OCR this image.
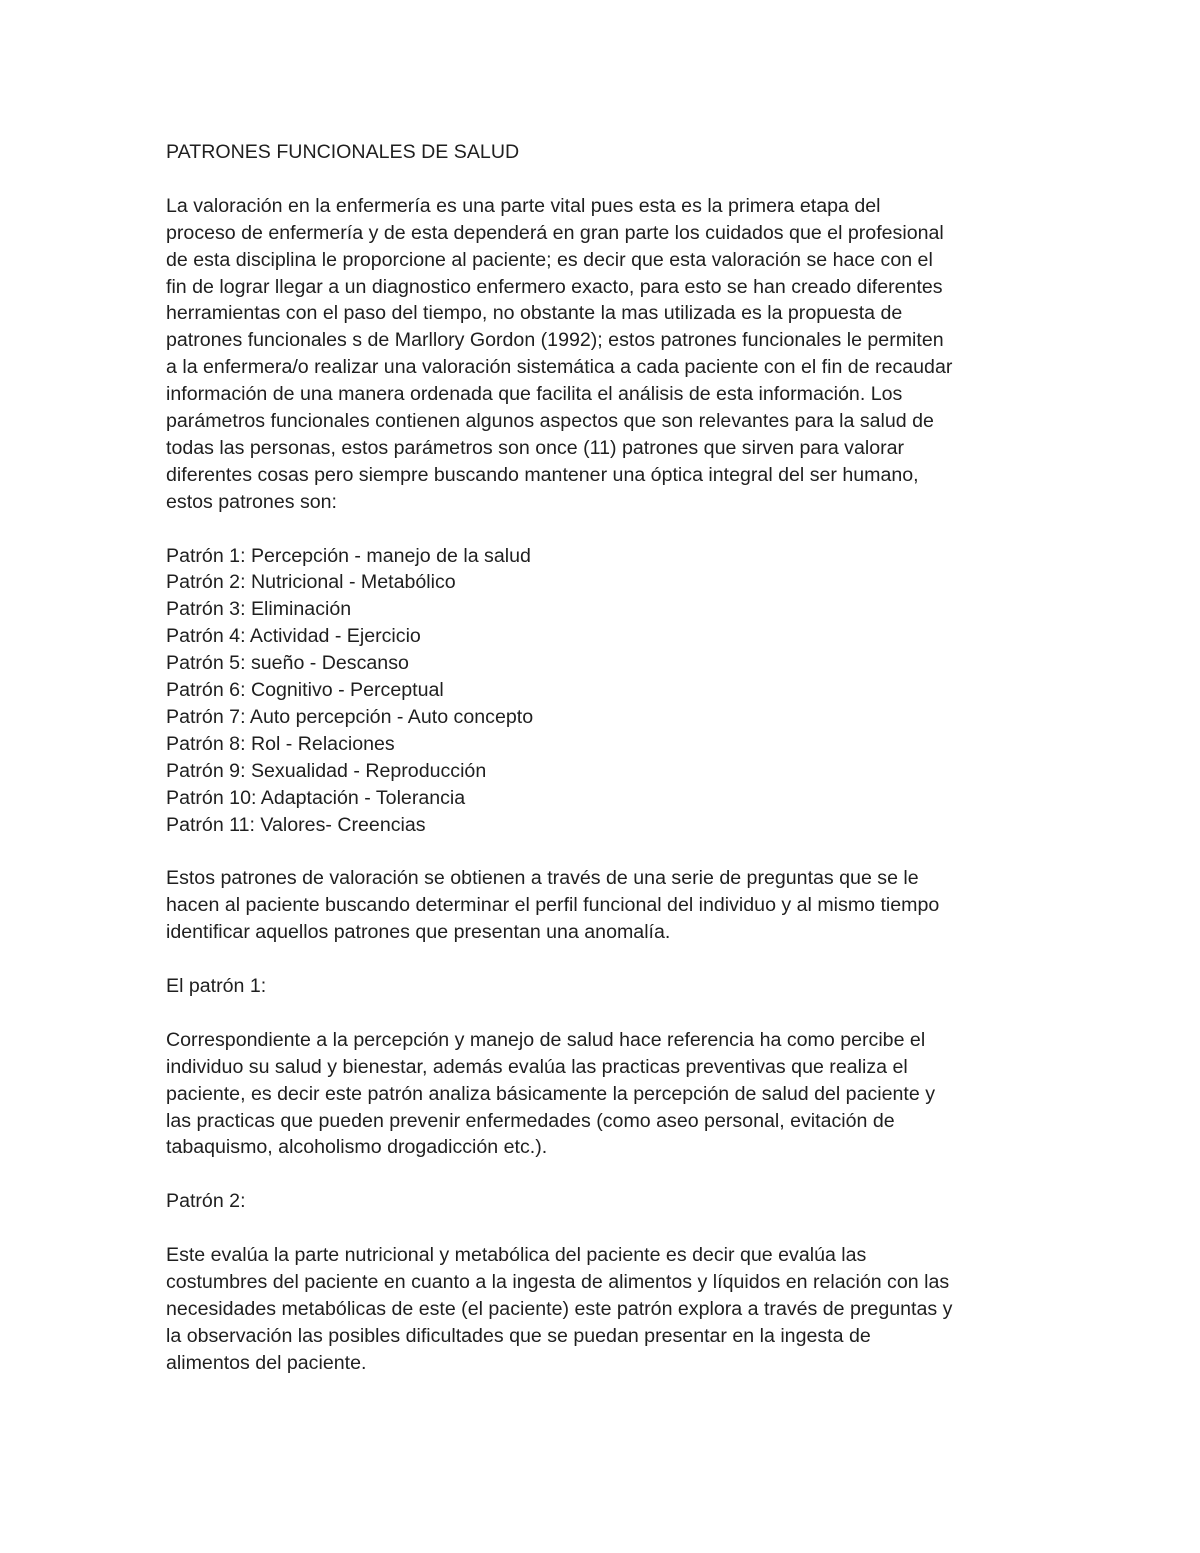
PATRONES FUNCIONALES DE SALUD

La valoración en la enfermería es una parte vital pues esta es la primera etapa del
proceso de enfermería y de esta dependerá en gran parte los cuidados que el profesional
de esta disciplina le proporcione al paciente; es decir que esta valoración se hace con el
fin de lograr llegar a un diagnostico enfermero exacto, para esto se han creado diferentes
herramientas con el paso del tiempo, no obstante la mas utilizada es la propuesta de
patrones funcionales s de Marllory Gordon (1992); estos patrones funcionales le permiten
a la enfermera/o realizar una valoración sistemática a cada paciente con el fin de recaudar
información de una manera ordenada que facilita el análisis de esta información. Los
parámetros funcionales contienen algunos aspectos que son relevantes para la salud de
todas las personas, estos parámetros son once (11) patrones que sirven para valorar
diferentes cosas pero siempre buscando mantener una óptica integral del ser humano,
estos patrones son:
Patrón 1: Percepción - manejo de la salud
Patrón 2: Nutricional - Metabólico
Patrón 3: Eliminación
Patrón 4: Actividad - Ejercicio
Patrón 5: sueño - Descanso
Patrón 6: Cognitivo - Perceptual
Patrón 7: Auto percepción - Auto concepto
Patrón 8: Rol - Relaciones
Patrón 9: Sexualidad - Reproducción
Patrón 10: Adaptación - Tolerancia
Patrón 11: Valores- Creencias
Estos patrones de valoración se obtienen a través de una serie de preguntas que se le
hacen al paciente buscando determinar el perfil funcional del individuo y al mismo tiempo
identificar aquellos patrones que presentan una anomalía.

El patrón 1:

Correspondiente a la percepción y manejo de salud hace referencia ha como percibe el
individuo su salud y bienestar, además evalúa las practicas preventivas que realiza el
paciente, es decir este patrón analiza básicamente la percepción de salud del paciente y
las practicas que pueden prevenir enfermedades (como aseo personal, evitación de
tabaquismo, alcoholismo drogadicción etc.).

Patrón 2:

Este evalúa la parte nutricional y metabólica del paciente es decir que evalúa las
costumbres del paciente en cuanto a la ingesta de alimentos y líquidos en relación con las
necesidades metabólicas de este (el paciente) este patrón explora a través de preguntas y
la observación las posibles dificultades que se puedan presentar en la ingesta de
alimentos del paciente.
